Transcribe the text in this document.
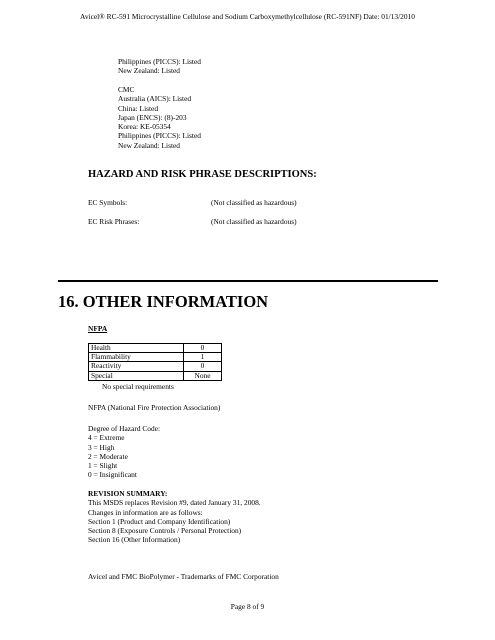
Avicel® RC-591 Microcrystalline Cellulose and Sodium Carboxymethylcellulose (RC-591NF) Date: 01/13/2010
Philippines (PICCS): Listed
New Zealand: Listed
CMC
Australia (AICS): Listed
China: Listed
Japan (ENCS): (8)-203
Korea: KE-05354
Philippines (PICCS): Listed
New Zealand: Listed
HAZARD AND RISK PHRASE DESCRIPTIONS:
EC Symbols:	(Not classified as hazardous)
EC Risk Phrases:	(Not classified as hazardous)
16. OTHER INFORMATION
NFPA
Health	0
Flammability	1
Reactivity	0
Special	None
No special requirements
NFPA (National Fire Protection Association)
Degree of Hazard Code:
4 = Extreme
3 = High
2 = Moderate
1 = Slight
0 = Insignificant
REVISION SUMMARY:
This MSDS replaces Revision #9, dated January 31, 2008.
Changes in information are as follows:
Section 1 (Product and Company Identification)
Section 8 (Exposure Controls / Personal Protection)
Section 16 (Other Information)
Avicel and FMC BioPolymer - Trademarks of FMC Corporation
Page 8 of 9
